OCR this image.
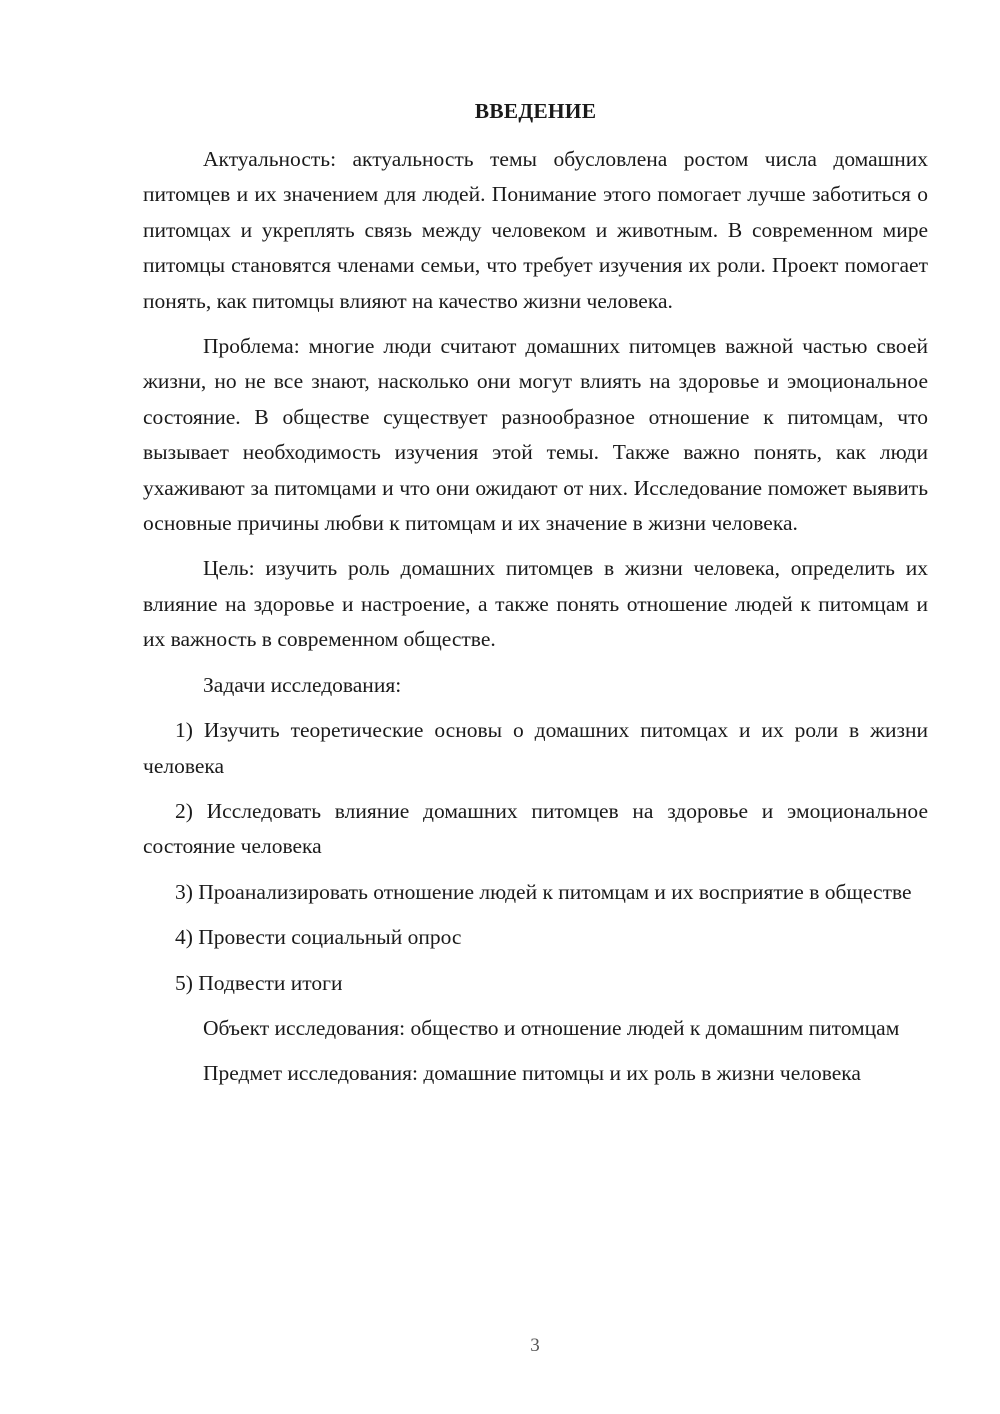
ВВЕДЕНИЕ

Актуальность: актуальность темы обусловлена ростом числа домашних питомцев и их значением для людей. Понимание этого помогает лучше заботиться о питомцах и укреплять связь между человеком и животным. В современном мире питомцы становятся членами семьи, что требует изучения их роли. Проект помогает понять, как питомцы влияют на качество жизни человека.

Проблема: многие люди считают домашних питомцев важной частью своей жизни, но не все знают, насколько они могут влиять на здоровье и эмоциональное состояние. В обществе существует разнообразное отношение к питомцам, что вызывает необходимость изучения этой темы. Также важно понять, как люди ухаживают за питомцами и что они ожидают от них. Исследование поможет выявить основные причины любви к питомцам и их значение в жизни человека.

Цель: изучить роль домашних питомцев в жизни человека, определить их влияние на здоровье и настроение, а также понять отношение людей к питомцам и их важность в современном обществе.

Задачи исследования:

1) Изучить теоретические основы о домашних питомцах и их роли в жизни человека

2) Исследовать влияние домашних питомцев на здоровье и эмоциональное состояние человека

3) Проанализировать отношение людей к питомцам и их восприятие в обществе

4) Провести социальный опрос

5) Подвести итоги

Объект исследования: общество и отношение людей к домашним питомцам

Предмет исследования: домашние питомцы и их роль в жизни человека

3
